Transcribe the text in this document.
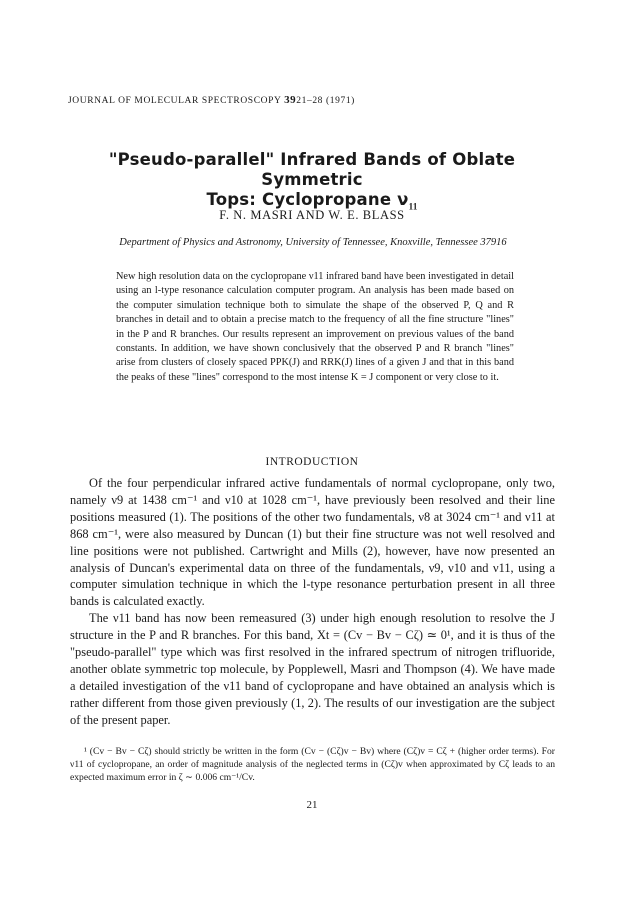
JOURNAL OF MOLECULAR SPECTROSCOPY 3921–28 (1971)
"Pseudo-parallel" Infrared Bands of Oblate Symmetric
Tops: Cyclopropane $\nu_{11}$
F. N. MASRI AND W. E. BLASS
Department of Physics and Astronomy, University of Tennessee, Knoxville, Tennessee 37916
New high resolution data on the cyclopropane ν11 infrared band have been investigated in detail using an l-type resonance calculation computer program. An analysis has been made based on the computer simulation technique both to simulate the shape of the observed P, Q and R branches in detail and to obtain a precise match to the frequency of all the fine structure "lines" in the P and R branches. Our results represent an improvement on previous values of the band constants. In addition, we have shown conclusively that the observed P and R branch "lines" arise from clusters of closely spaced PPK(J) and RRK(J) lines of a given J and that in this band the peaks of these "lines" correspond to the most intense K = J component or very close to it.
INTRODUCTION

Of the four perpendicular infrared active fundamentals of normal cyclopropane, only two, namely ν9 at 1438 cm⁻¹ and ν10 at 1028 cm⁻¹, have previously been resolved and their line positions measured (1). The positions of the other two fundamentals, ν8 at 3024 cm⁻¹ and ν11 at 868 cm⁻¹, were also measured by Duncan (1) but their fine structure was not well resolved and line positions were not published. Cartwright and Mills (2), however, have now presented an analysis of Duncan's experimental data on three of the fundamentals, ν9, ν10 and ν11, using a computer simulation technique in which the l-type resonance perturbation present in all three bands is calculated exactly.

The ν11 band has now been remeasured (3) under high enough resolution to resolve the J structure in the P and R branches. For this band, Xt = (Cv − Bv − Cζ) ≃ 0¹, and it is thus of the "pseudo-parallel" type which was first resolved in the infrared spectrum of nitrogen trifluoride, another oblate symmetric top molecule, by Popplewell, Masri and Thompson (4). We have made a detailed investigation of the ν11 band of cyclopropane and have obtained an analysis which is rather different from those given previously (1, 2). The results of our investigation are the subject of the present paper.

¹ (Cv − Bv − Cζ) should strictly be written in the form (Cv − (Cζ)v − Bv) where (Cζ)v = Cζ + (higher order terms). For ν11 of cyclopropane, an order of magnitude analysis of the neglected terms in (Cζ)v when approximated by Cζ leads to an expected maximum error in ζ ∼ 0.006 cm⁻¹/Cv.

21
